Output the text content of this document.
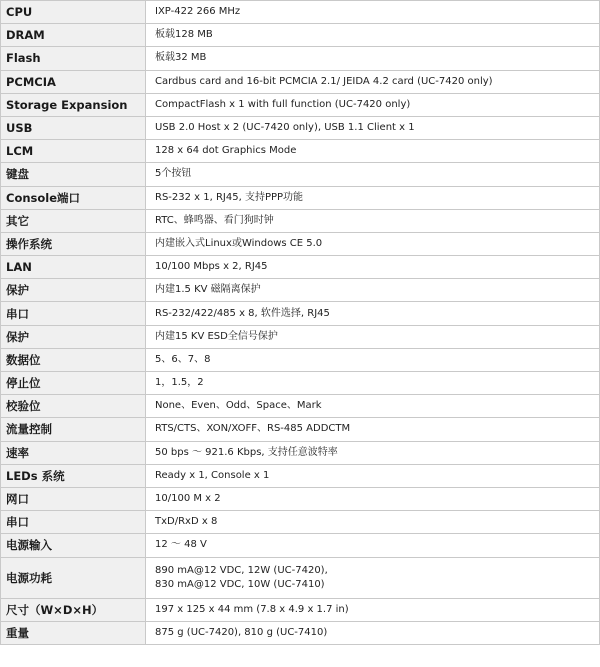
CPU	IXP-422 266 MHz
DRAM	板载128 MB
Flash	板载32 MB
PCMCIA	Cardbus card and 16-bit PCMCIA 2.1/ JEIDA 4.2 card (UC-7420 only)
Storage Expansion	CompactFlash x 1 with full function (UC-7420 only)
USB	USB 2.0 Host x 2 (UC-7420 only), USB 1.1 Client x 1
LCM	128 x 64 dot Graphics Mode
键盘	5个按钮
Console端口	RS-232 x 1, RJ45, 支持PPP功能
其它	RTC、蜂鸣器、看门狗时钟
操作系统	内建嵌入式Linux或Windows CE 5.0
LAN	10/100 Mbps x 2, RJ45
保护	内建1.5 KV 磁隔离保护
串口	RS-232/422/485 x 8, 软件选择, RJ45
保护	内建15 KV ESD全信号保护
数据位	5、6、7、8
停止位	1，1.5，2
校验位	None、Even、Odd、Space、Mark
流量控制	RTS/CTS、XON/XOFF、RS-485 ADDCTM
速率	50 bps ～ 921.6 Kbps, 支持任意波特率
LEDs 系统	Ready x 1, Console x 1
网口	10/100 M x 2
串口	TxD/RxD x 8
电源输入	12 ～ 48 V
电源功耗	890 mA@12 VDC, 12W (UC-7420),
830 mA@12 VDC, 10W (UC-7410)

尺寸（W×D×H）	197 x 125 x 44 mm (7.8 x 4.9 x 1.7 in)
重量	875 g (UC-7420), 810 g (UC-7410)
